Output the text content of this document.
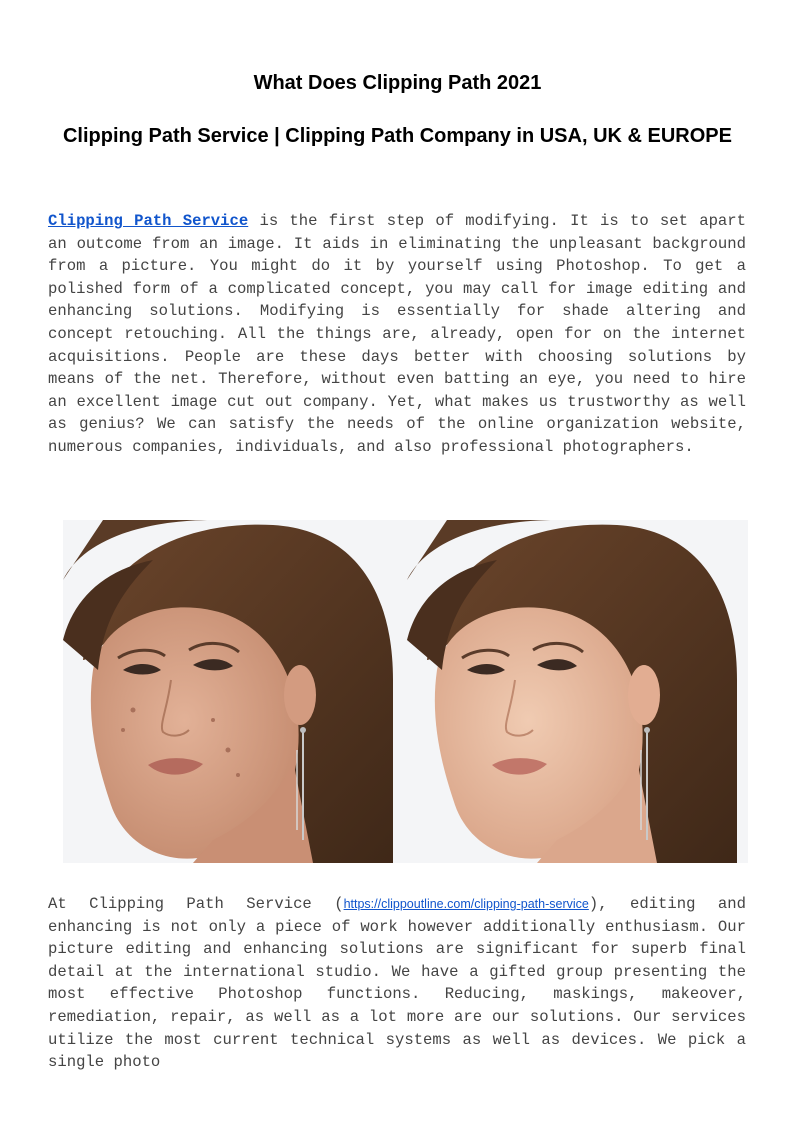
What Does Clipping Path 2021
Clipping Path Service | Clipping Path Company in USA, UK & EUROPE

Clipping Path Service is the first step of modifying. It is to set apart an outcome from an image. It aids in eliminating the unpleasant background from a picture. You might do it by yourself using Photoshop. To get a polished form of a complicated concept, you may call for image editing and enhancing solutions. Modifying is essentially for shade altering and concept retouching. All the things are, already, open for on the internet acquisitions. People are these days better with choosing solutions by means of the net. Therefore, without even batting an eye, you need to hire an excellent image cut out company. Yet, what makes us trustworthy as well as genius? We can satisfy the needs of the online organization website, numerous companies, individuals, and also professional photographers.

At Clipping Path Service (https://clippoutline.com/clipping-path-service), editing and enhancing is not only a piece of work however additionally enthusiasm. Our picture editing and enhancing solutions are significant for superb final detail at the international studio. We have a gifted group presenting the most effective Photoshop functions. Reducing, maskings, makeover, remediation, repair, as well as a lot more are our solutions. Our services utilize the most current technical systems as well as devices. We pick a single photo
